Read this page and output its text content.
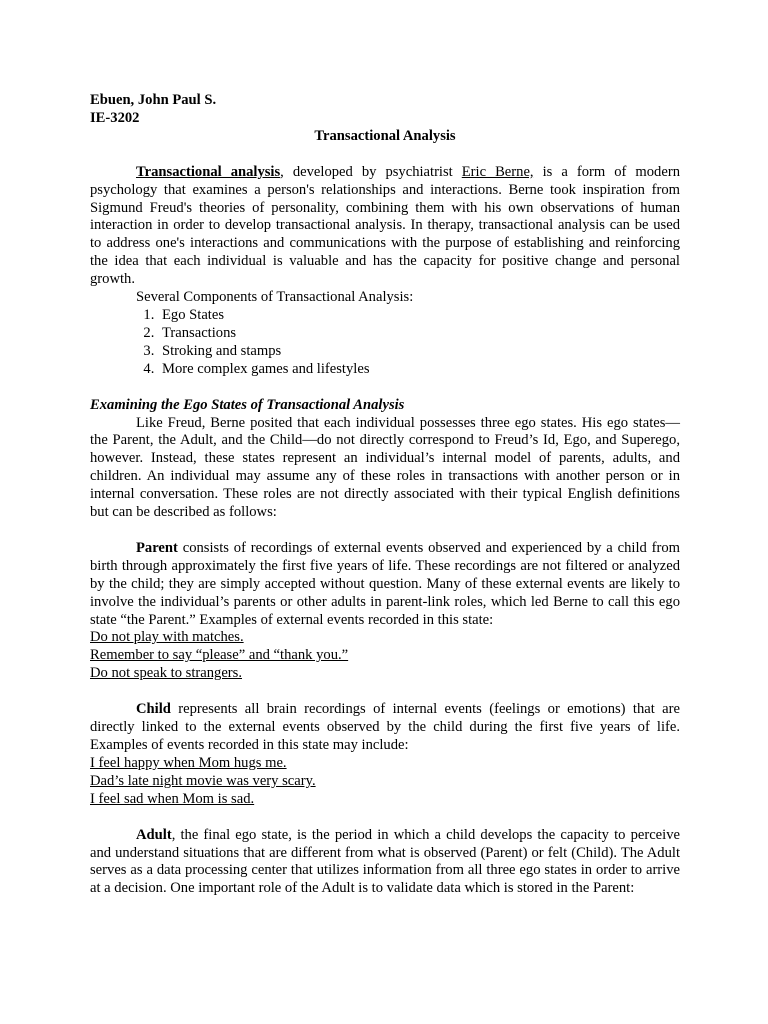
Ebuen, John Paul S.
IE-3202
Transactional Analysis

Transactional analysis, developed by psychiatrist Eric Berne, is a form of modern psychology that examines a person's relationships and interactions. Berne took inspiration from Sigmund Freud's theories of personality, combining them with his own observations of human interaction in order to develop transactional analysis. In therapy, transactional analysis can be used to address one's interactions and communications with the purpose of establishing and reinforcing the idea that each individual is valuable and has the capacity for positive change and personal growth.

Several Components of Transactional Analysis:

1. Ego States
2. Transactions
3. Stroking and stamps
4. More complex games and lifestyles
Examining the Ego States of Transactional Analysis

Like Freud, Berne posited that each individual possesses three ego states. His ego states—the Parent, the Adult, and the Child—do not directly correspond to Freud’s Id, Ego, and Superego, however. Instead, these states represent an individual’s internal model of parents, adults, and children. An individual may assume any of these roles in transactions with another person or in internal conversation. These roles are not directly associated with their typical English definitions but can be described as follows:

Parent consists of recordings of external events observed and experienced by a child from birth through approximately the first five years of life. These recordings are not filtered or analyzed by the child; they are simply accepted without question. Many of these external events are likely to involve the individual’s parents or other adults in parent-link roles, which led Berne to call this ego state “the Parent.” Examples of external events recorded in this state:

Do not play with matches.
Remember to say “please” and “thank you.”
Do not speak to strangers.

Child represents all brain recordings of internal events (feelings or emotions) that are directly linked to the external events observed by the child during the first five years of life. Examples of events recorded in this state may include:

I feel happy when Mom hugs me.
Dad’s late night movie was very scary.
I feel sad when Mom is sad.

Adult, the final ego state, is the period in which a child develops the capacity to perceive and understand situations that are different from what is observed (Parent) or felt (Child). The Adult serves as a data processing center that utilizes information from all three ego states in order to arrive at a decision. One important role of the Adult is to validate data which is stored in the Parent:
